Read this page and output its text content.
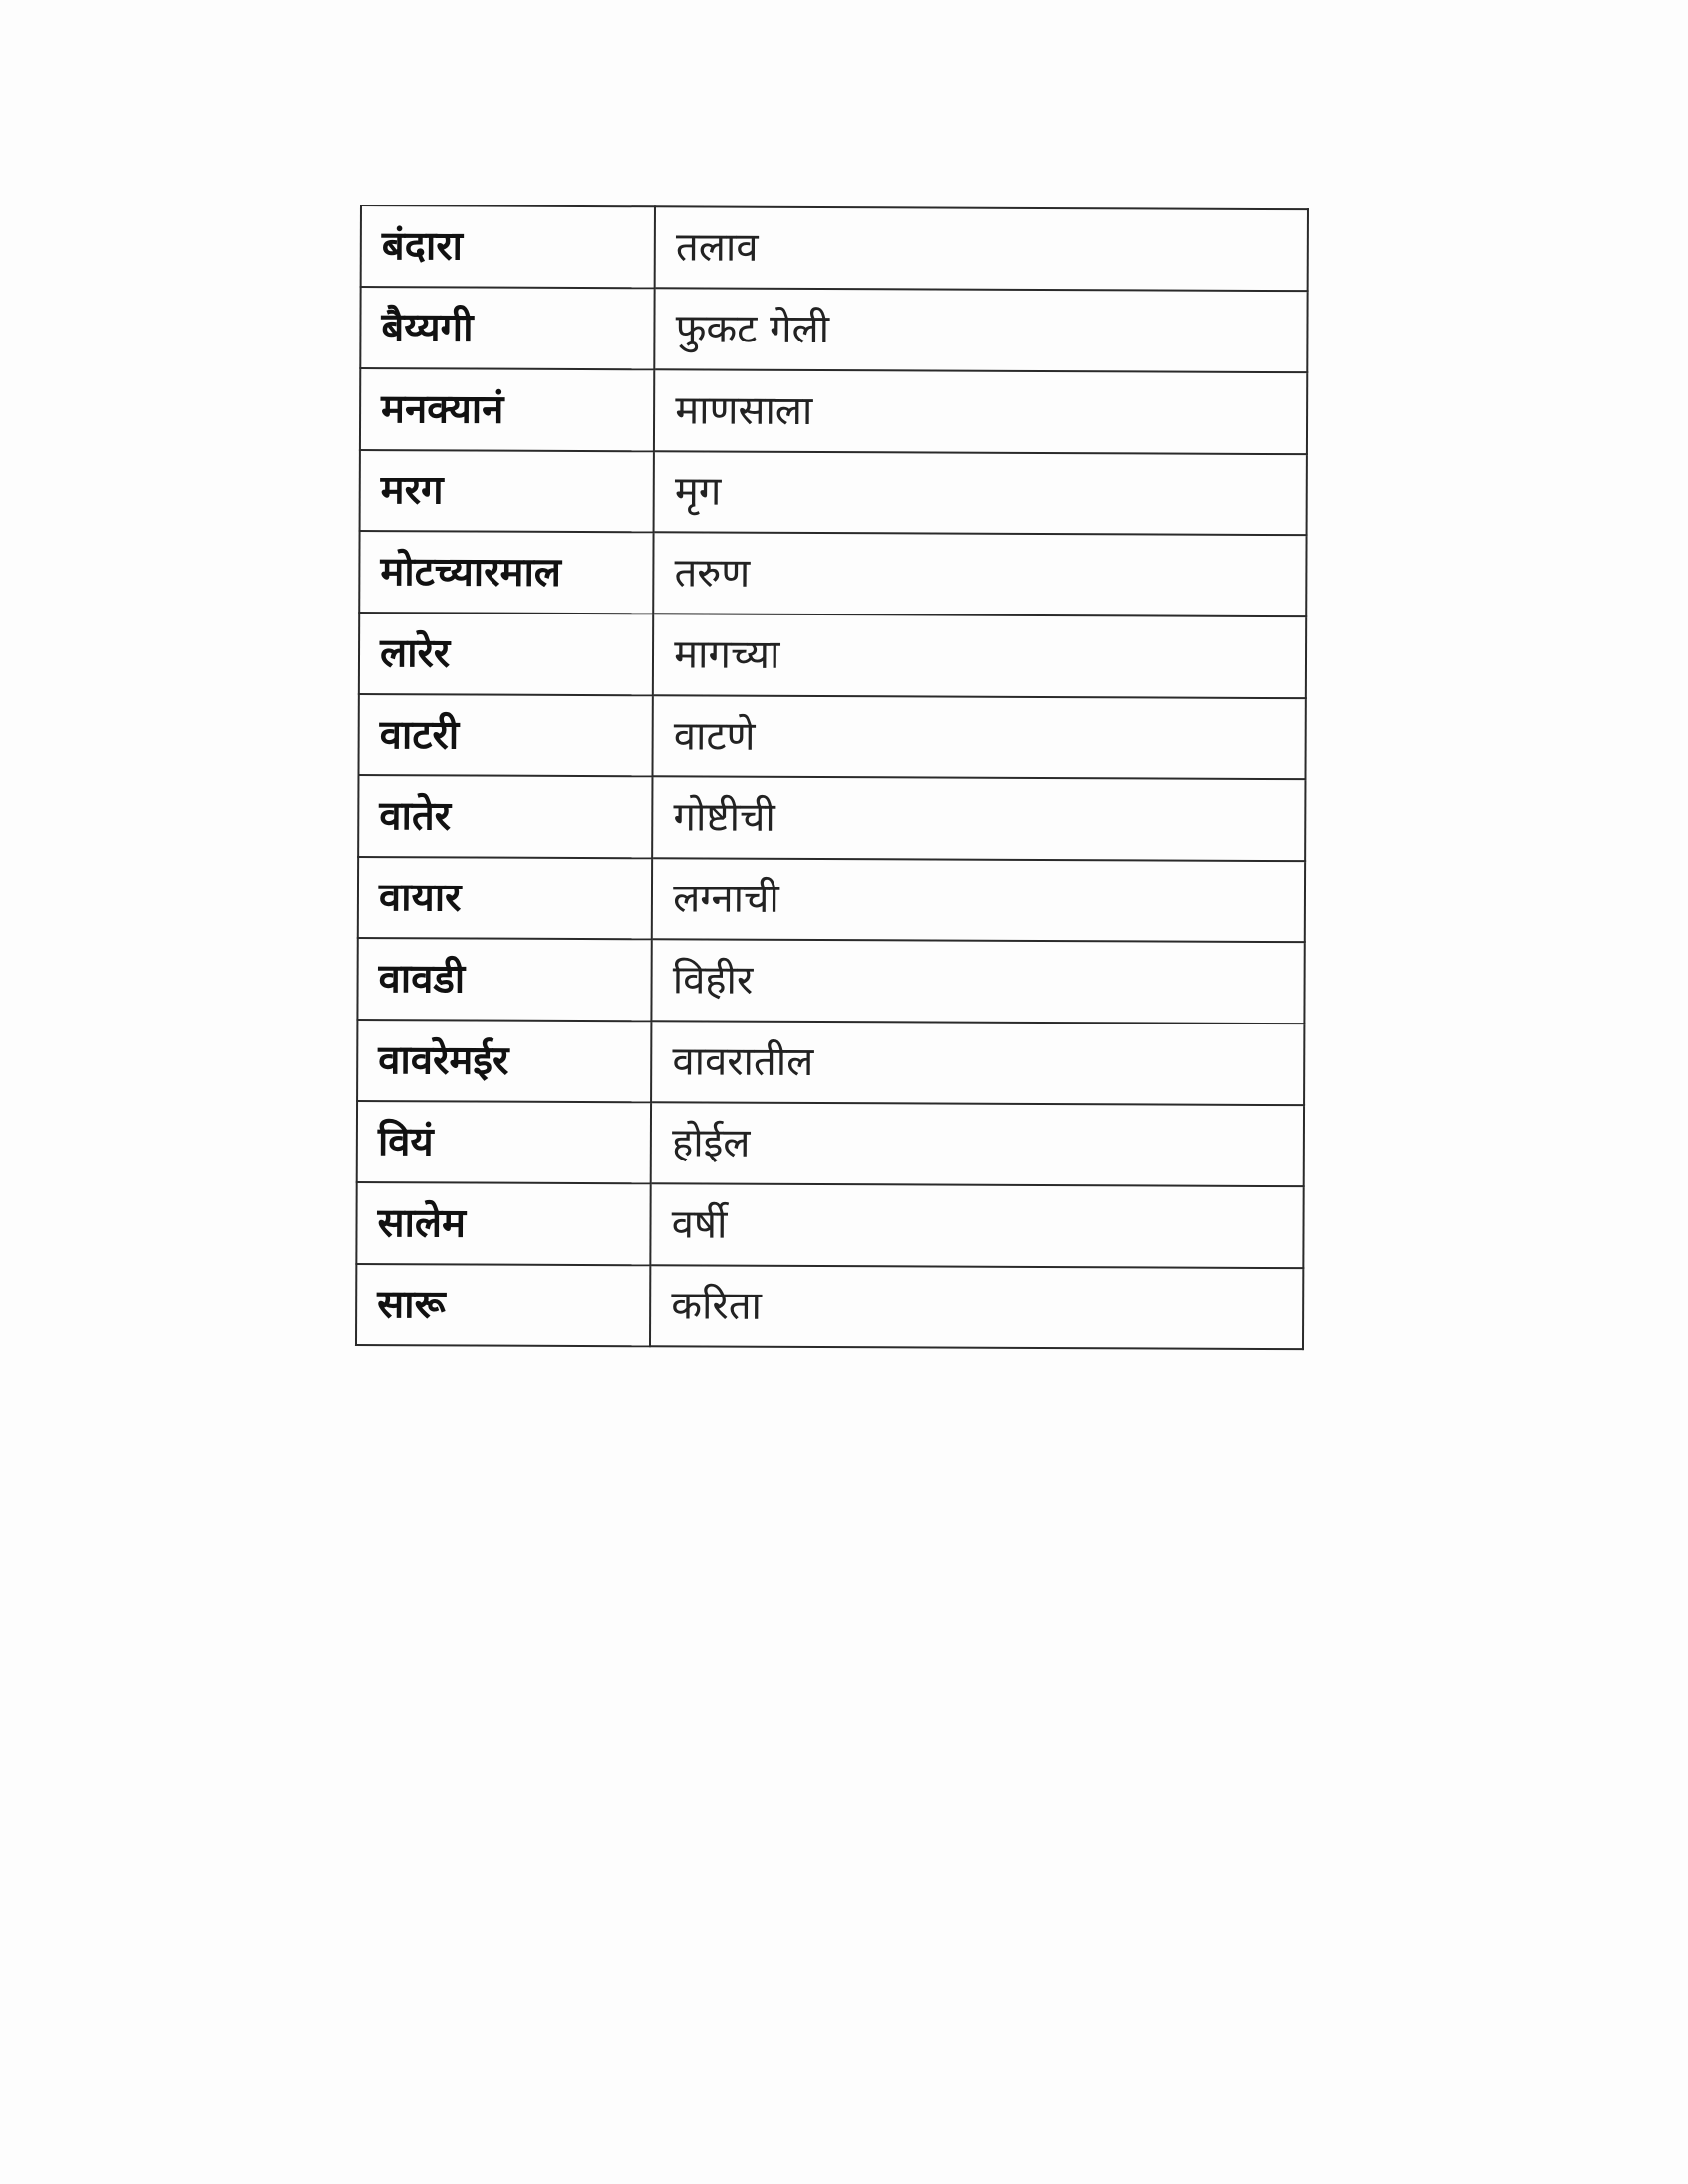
बंदारा	तलाव
बैय्यगी	फुकट गेली
मनक्यानं	माणसाला
मरग	मृग
मोटच्यारमाल	तरुण
लारेर	मागच्या
वाटरी	वाटणे
वातेर	गोष्टीची
वायार	लग्नाची
वावडी	विहीर
वावरेमईर	वावरातील
वियं	होईल
सालेम	वर्षी
सारू	करिता
